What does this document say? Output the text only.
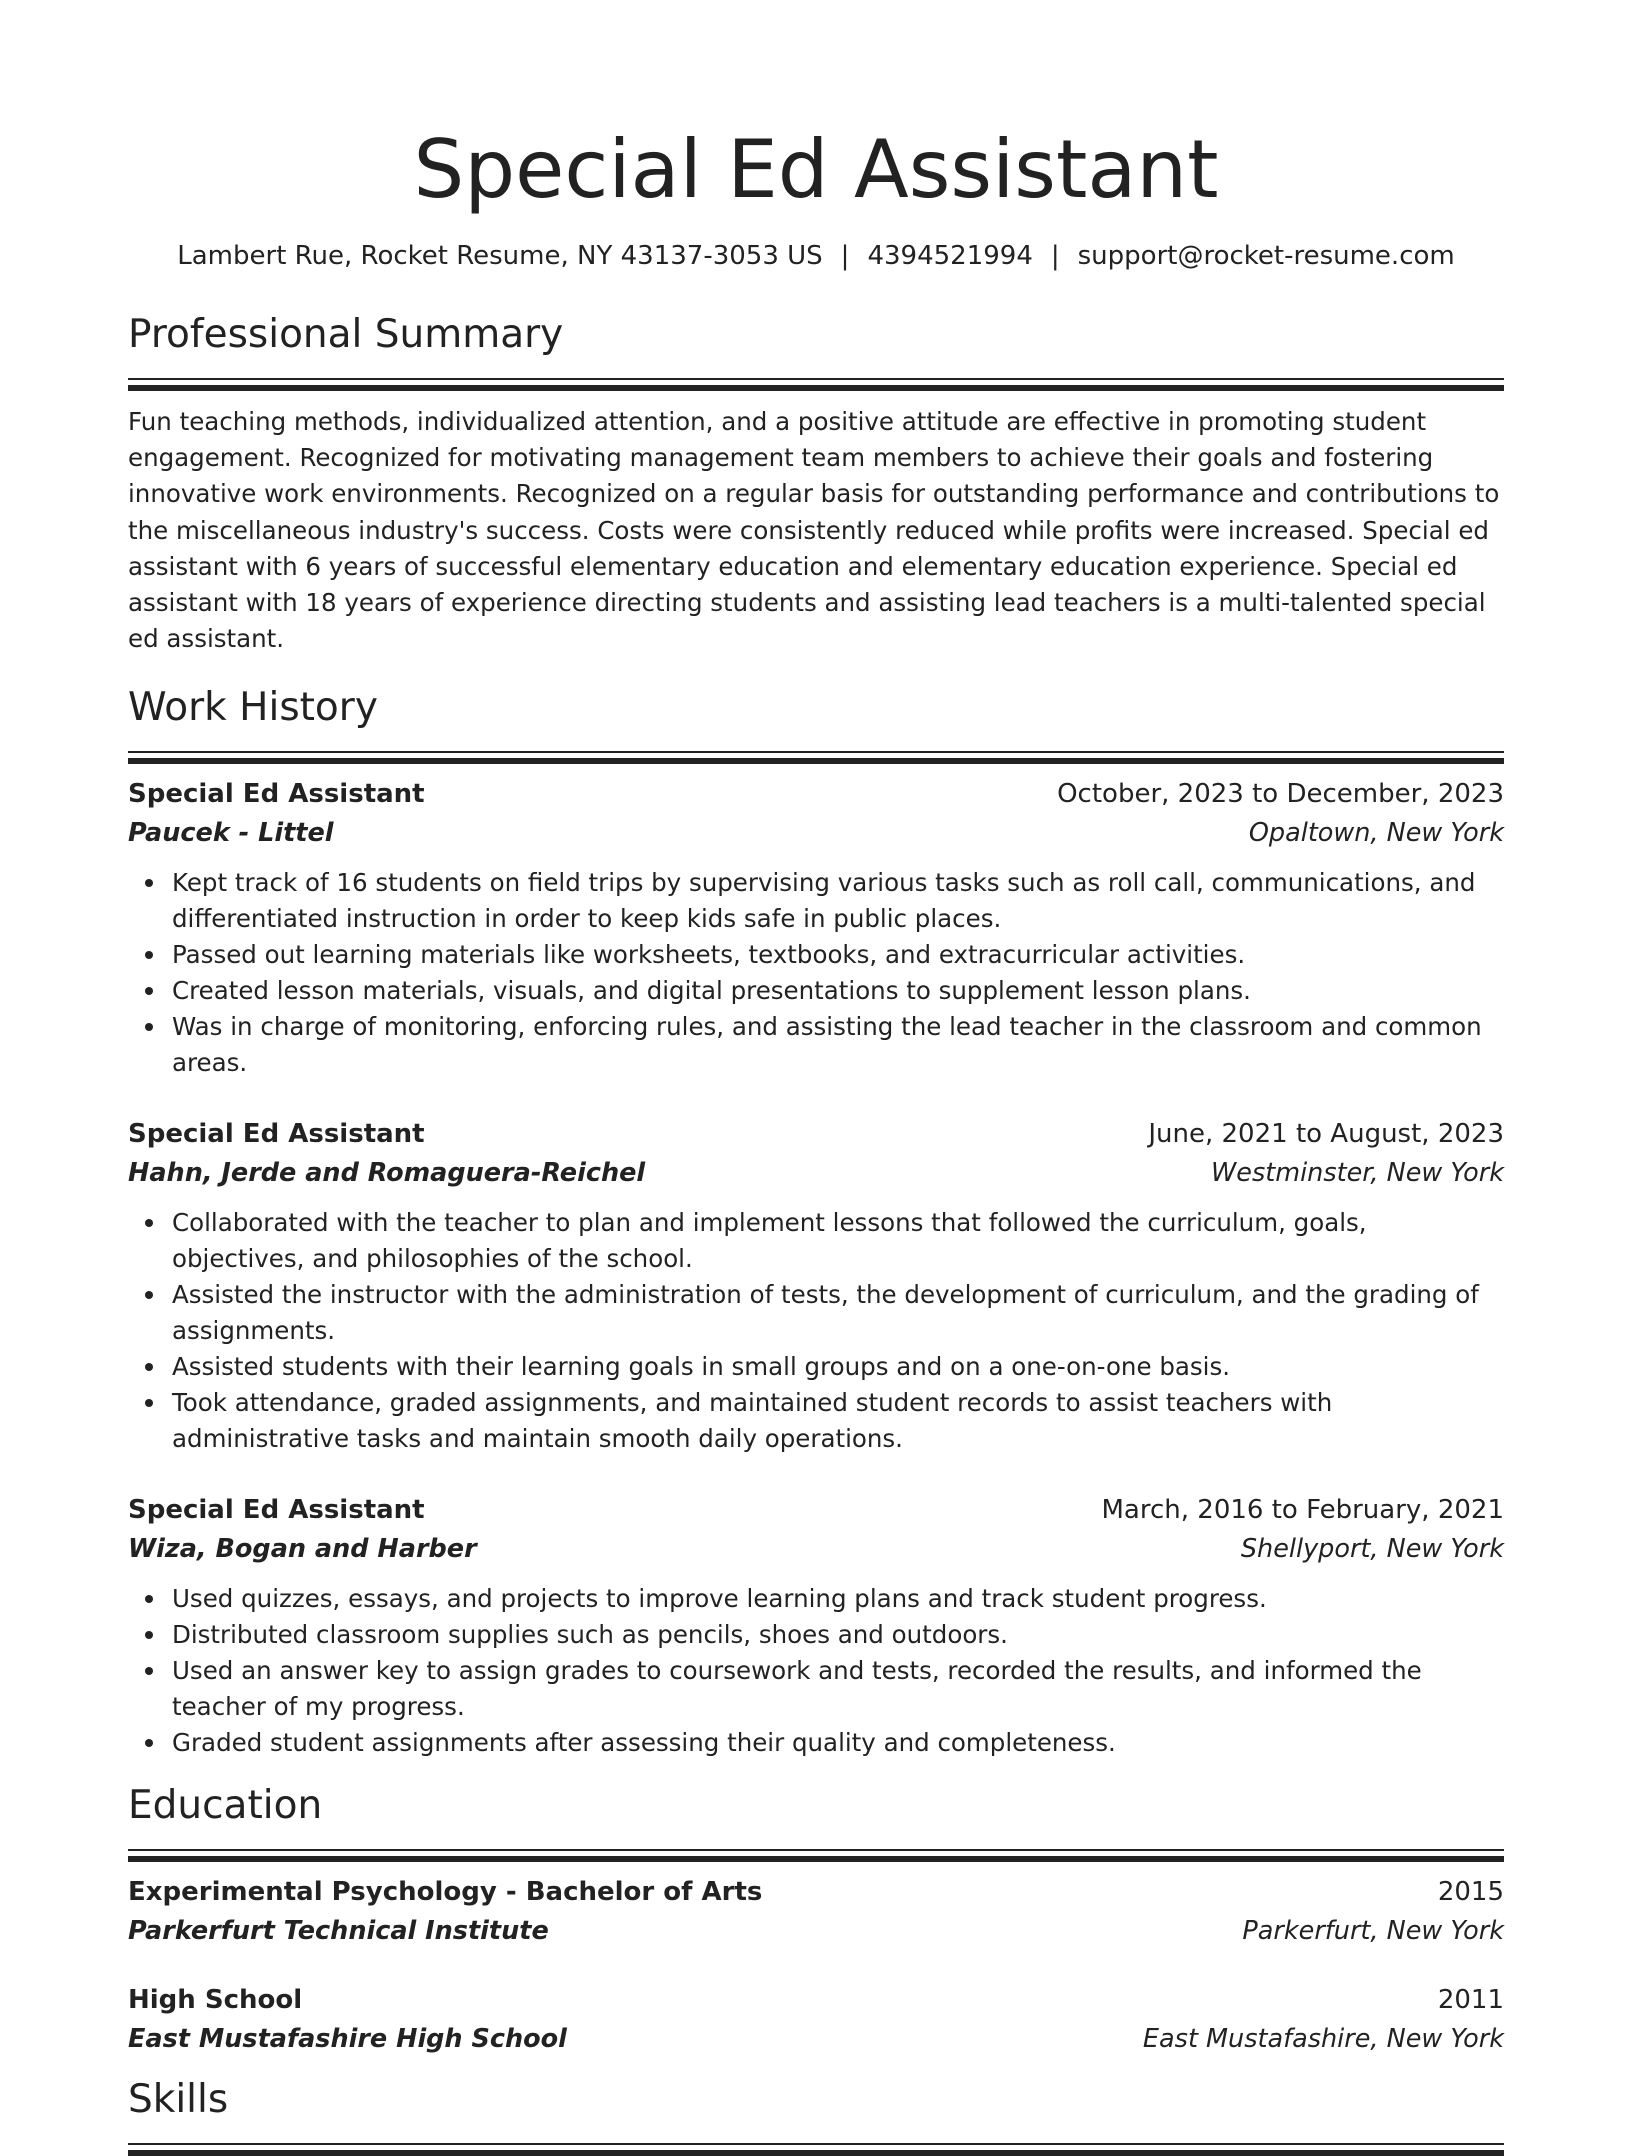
Special Ed Assistant
Lambert Rue, Rocket Resume, NY 43137-3053 US | 4394521994 | support@rocket-resume.com
Professional Summary

Fun teaching methods, individualized attention, and a positive attitude are effective in promoting student engagement. Recognized for motivating management team members to achieve their goals and fostering innovative work environments. Recognized on a regular basis for outstanding performance and contributions to the miscellaneous industry's success. Costs were consistently reduced while profits were increased. Special ed assistant with 6 years of successful elementary education and elementary education experience. Special ed assistant with 18 years of experience directing students and assisting lead teachers is a multi-talented special ed assistant.

Work History
Special Ed Assistant	October, 2023 to December, 2023
Paucek - Littel	Opaltown, New York
Kept track of 16 students on field trips by supervising various tasks such as roll call, communications, and differentiated instruction in order to keep kids safe in public places.
Passed out learning materials like worksheets, textbooks, and extracurricular activities.
Created lesson materials, visuals, and digital presentations to supplement lesson plans.
Was in charge of monitoring, enforcing rules, and assisting the lead teacher in the classroom and common areas.
Special Ed Assistant	June, 2021 to August, 2023
Hahn, Jerde and Romaguera-Reichel	Westminster, New York
Collaborated with the teacher to plan and implement lessons that followed the curriculum, goals, objectives, and philosophies of the school.
Assisted the instructor with the administration of tests, the development of curriculum, and the grading of assignments.
Assisted students with their learning goals in small groups and on a one-on-one basis.
Took attendance, graded assignments, and maintained student records to assist teachers with administrative tasks and maintain smooth daily operations.
Special Ed Assistant	March, 2016 to February, 2021
Wiza, Bogan and Harber	Shellyport, New York
Used quizzes, essays, and projects to improve learning plans and track student progress.
Distributed classroom supplies such as pencils, shoes and outdoors.
Used an answer key to assign grades to coursework and tests, recorded the results, and informed the teacher of my progress.
Graded student assignments after assessing their quality and completeness.
Education
Experimental Psychology - Bachelor of Arts	2015
Parkerfurt Technical Institute	Parkerfurt, New York
High School	2011
East Mustafashire High School	East Mustafashire, New York
Skills
